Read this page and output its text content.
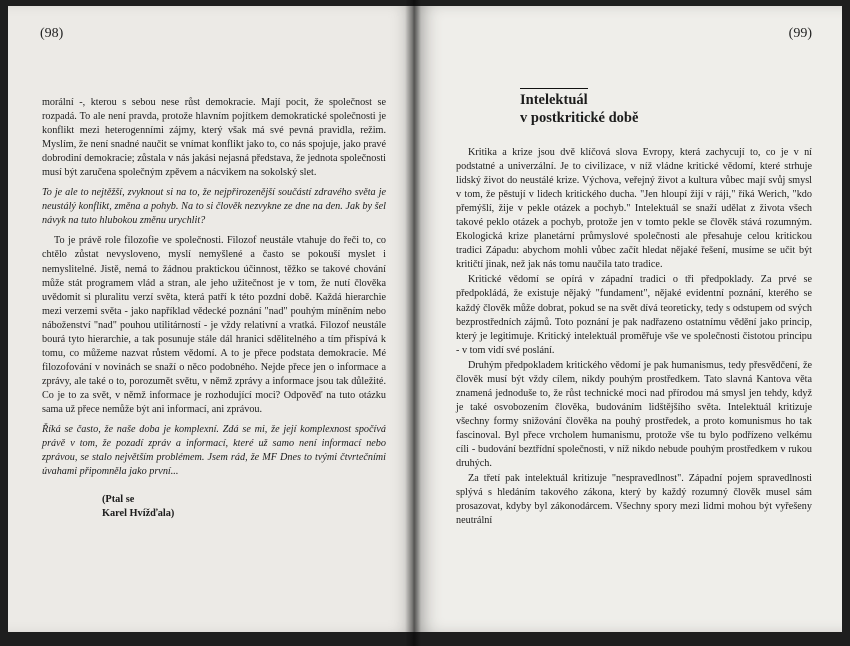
(98)

morální -, kterou s sebou nese růst demokracie. Mají pocit, že společnost se rozpadá. To ale není pravda, protože hlavním pojítkem demokratické společnosti je konflikt mezi heterogenními zájmy, který však má své pevná pravidla, režim. Myslím, že není snadné naučit se vnímat konflikt jako to, co nás spojuje, jako pravé dobrodiní demokracie; zůstala v nás jakási nejasná představa, že jednota společnosti musí být zaručena společným zpěvem a nácvikem na sokolský slet.

To je ale to nejtěžší, zvyknout si na to, že nejpřirozenější součástí zdravého světa je neustálý konflikt, změna a pohyb. Na to si člověk nezvykne ze dne na den. Jak by šel návyk na tuto hlubokou změnu urychlit?

To je právě role filozofie ve společnosti. Filozof neustále vtahuje do řeči to, co chtělo zůstat nevysloveno, myslí nemyšlené a často se pokouší myslet i nemyslitelné. Jistě, nemá to žádnou praktickou účinnost, těžko se takové chování může stát programem vlád a stran, ale jeho užitečnost je v tom, že nutí člověka uvědomit si pluralitu verzí světa, která patří k této pozdní době. Každá hierarchie mezi verzemi světa - jako například vědecké poznání "nad" pouhým míněním nebo náboženství "nad" pouhou utilitárností - je vždy relativní a vratká. Filozof neustále bourá tyto hierarchie, a tak posunuje stále dál hranici sdělitelného a tím přispívá k tomu, co můžeme nazvat růstem vědomí. A to je přece podstata demokracie. Mé filozofování v novinách se snaží o něco podobného. Nejde přece jen o informace a zprávy, ale také o to, porozumět světu, v němž zprávy a informace jsou tak důležité. Co je to za svět, v němž informace je rozhodující moci? Odpověď na tuto otázku sama už přece nemůže být ani informací, ani zprávou.

Říká se často, že naše doba je komplexní. Zdá se mi, že její komplexnost spočívá právě v tom, že pozadí zpráv a informací, které už samo není informací nebo zprávou, se stalo největším problémem. Jsem rád, že MF Dnes to tvými čtvrtečními úvahami připomněla jako první...

(Ptal se
Karel Hvížďala)
(99)
Intelektuál
v postkritické době

Kritika a krize jsou dvě klíčová slova Evropy, která zachycují to, co je v ní podstatné a univerzální. Je to civilizace, v níž vládne kritické vědomí, které strhuje lidský život do neustálé krize. Výchova, veřejný život a kultura vůbec mají svůj smysl v tom, že pěstují v lidech kritického ducha. "Jen hloupí žijí v ráji," říká Werich, "kdo přemýšlí, žije v pekle otázek a pochyb." Intelektuál se snaží udělat z života všech takové peklo otázek a pochyb, protože jen v tomto pekle se člověk stává rozumným. Ekologická krize planetární průmyslové společnosti ale přesahuje celou kritickou tradici Západu: abychom mohli vůbec začít hledat nějaké řešení, musíme se učit být kritičtí jinak, než jak nás tomu naučila tato tradice.

Kritické vědomí se opírá v západní tradici o tři předpoklady. Za prvé se předpokládá, že existuje nějaký "fundament", nějaké evidentní poznání, kterého se každý člověk může dobrat, pokud se na svět dívá teoreticky, tedy s odstupem od svých bezprostředních zájmů. Toto poznání je pak nadřazeno ostatnímu vědění jako princip, který je legitimuje. Kritický intelektuál proměřuje vše ve společnosti čistotou principu - v tom vidí své poslání.

Druhým předpokladem kritického vědomí je pak humanismus, tedy přesvědčení, že člověk musí být vždy cílem, nikdy pouhým prostředkem. Tato slavná Kantova věta znamená jednoduše to, že růst technické moci nad přírodou má smysl jen tehdy, když je také osvobozením člověka, budováním lidštějšího světa. Intelektuál kritizuje všechny formy snižování člověka na pouhý prostředek, a proto komunismus ho tak fascinoval. Byl přece vrcholem humanismu, protože vše tu bylo podřízeno velkému cíli - budování beztřídní společnosti, v níž nikdo nebude pouhým prostředkem v rukou druhých.

Za třetí pak intelektuál kritizuje "nespravedlnost". Západní pojem spravedlnosti splývá s hledáním takového zákona, který by každý rozumný člověk musel sám prosazovat, kdyby byl zákonodárcem. Všechny spory mezi lidmi mohou být vyřešeny neutrální
